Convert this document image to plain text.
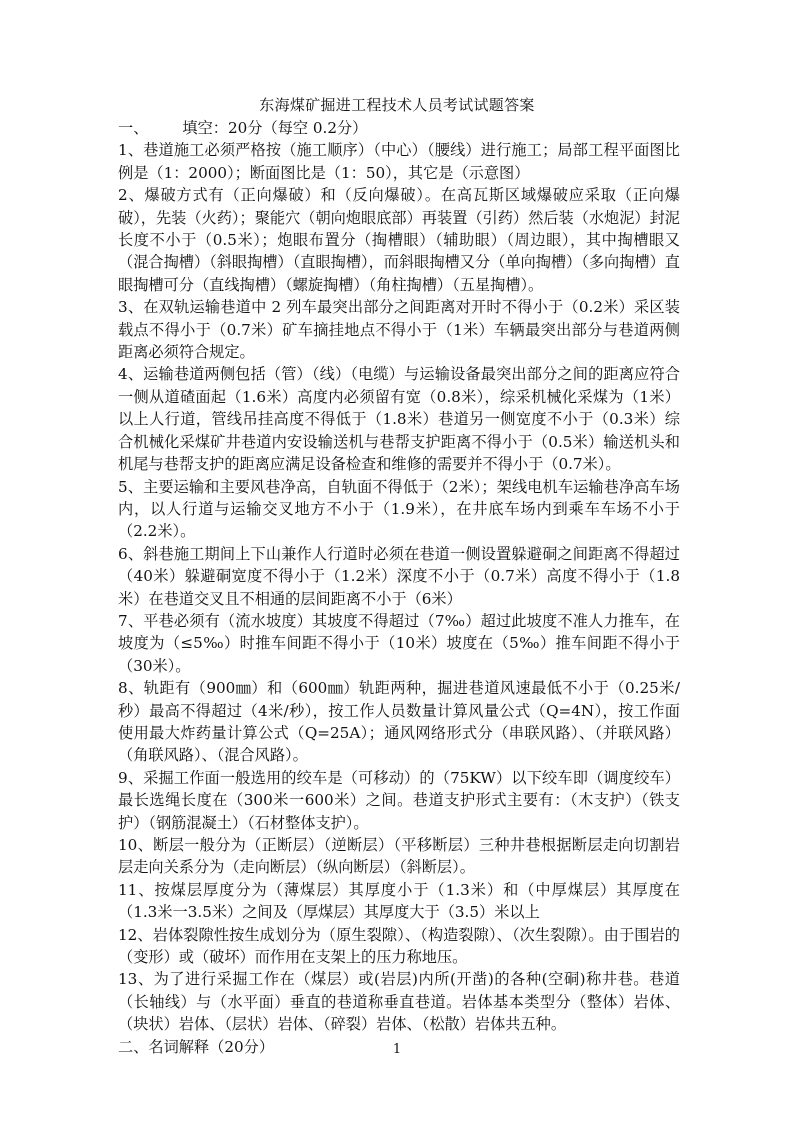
东海煤矿掘进工程技术人员考试试题答案

一、 填空：20分（每空 0.2分）

1、巷道施工必须严格按（施工顺序）（中心）（腰线）进行施工；局部工程平面图比例是（1：2000）；断面图比是（1：50），其它是（示意图）

2、爆破方式有（正向爆破）和（反向爆破）。在高瓦斯区域爆破应采取（正向爆破），先装（火药）；聚能穴（朝向炮眼底部）再装置（引药）然后装（水炮泥）封泥长度不小于（0.5米）；炮眼布置分（掏槽眼）（辅助眼）（周边眼），其中掏槽眼又（混合掏槽）（斜眼掏槽）（直眼掏槽），而斜眼掏槽又分（单向掏槽）（多向掏槽）直眼掏槽可分（直线掏槽）（螺旋掏槽）（角柱掏槽）（五星掏槽）。

3、在双轨运输巷道中 2 列车最突出部分之间距离对开时不得小于（0.2米）采区装载点不得小于（0.7米）矿车摘挂地点不得小于（1米）车辆最突出部分与巷道两侧距离必须符合规定。

4、运输巷道两侧包括（管）（线）（电缆）与运输设备最突出部分之间的距离应符合一侧从道碴面起（1.6米）高度内必须留有宽（0.8米），综采机械化采煤为（1米）以上人行道，管线吊挂高度不得低于（1.8米）巷道另一侧宽度不小于（0.3米）综合机械化采煤矿井巷道内安设输送机与巷帮支护距离不得小于（0.5米）输送机头和机尾与巷帮支护的距离应满足设备检查和维修的需要并不得小于（0.7米）。

5、主要运输和主要风巷净高，自轨面不得低于（2米）；架线电机车运输巷净高车场内，以人行道与运输交叉地方不小于（1.9米），在井底车场内到乘车车场不小于（2.2米）。

6、斜巷施工期间上下山兼作人行道时必须在巷道一侧设置躲避硐之间距离不得超过（40米）躲避硐宽度不得小于（1.2米）深度不小于（0.7米）高度不得小于（1.8米）在巷道交叉且不相通的层间距离不小于（6米）

7、平巷必须有（流水坡度）其坡度不得超过（7‰）超过此坡度不准人力推车，在坡度为（≤5‰）时推车间距不得小于（10米）坡度在（5‰）推车间距不得小于（30米）。

8、轨距有（900㎜）和（600㎜）轨距两种，掘进巷道风速最低不小于（0.25米/秒）最高不得超过（4米/秒），按工作人员数量计算风量公式（Q=4N），按工作面使用最大炸药量计算公式（Q=25A）；通风网络形式分（串联风路）、（并联风路）（角联风路）、（混合风路）。

9、采掘工作面一般选用的绞车是（可移动）的（75KW）以下绞车即（调度绞车）最长选绳长度在（300米一600米）之间。巷道支护形式主要有：（木支护）（铁支护）（钢筋混凝土）（石材整体支护）。

10、断层一般分为（正断层）（逆断层）（平移断层）三种井巷根据断层走向切割岩层走向关系分为（走向断层）（纵向断层）（斜断层）。

11、按煤层厚度分为（薄煤层）其厚度小于（1.3米）和（中厚煤层）其厚度在（1.3米一3.5米）之间及（厚煤层）其厚度大于（3.5）米以上

12、岩体裂隙性按生成划分为（原生裂隙）、（构造裂隙）、（次生裂隙）。由于围岩的（变形）或（破坏）而作用在支架上的压力称地压。

13、为了进行采掘工作在（煤层）或(岩层)内所(开凿)的各种(空硐)称井巷。巷道（长轴线）与（水平面）垂直的巷道称垂直巷道。岩体基本类型分（整体）岩体、（块状）岩体、（层状）岩体、（碎裂）岩体、（松散）岩体共五种。

二、名词解释（20分）	1
